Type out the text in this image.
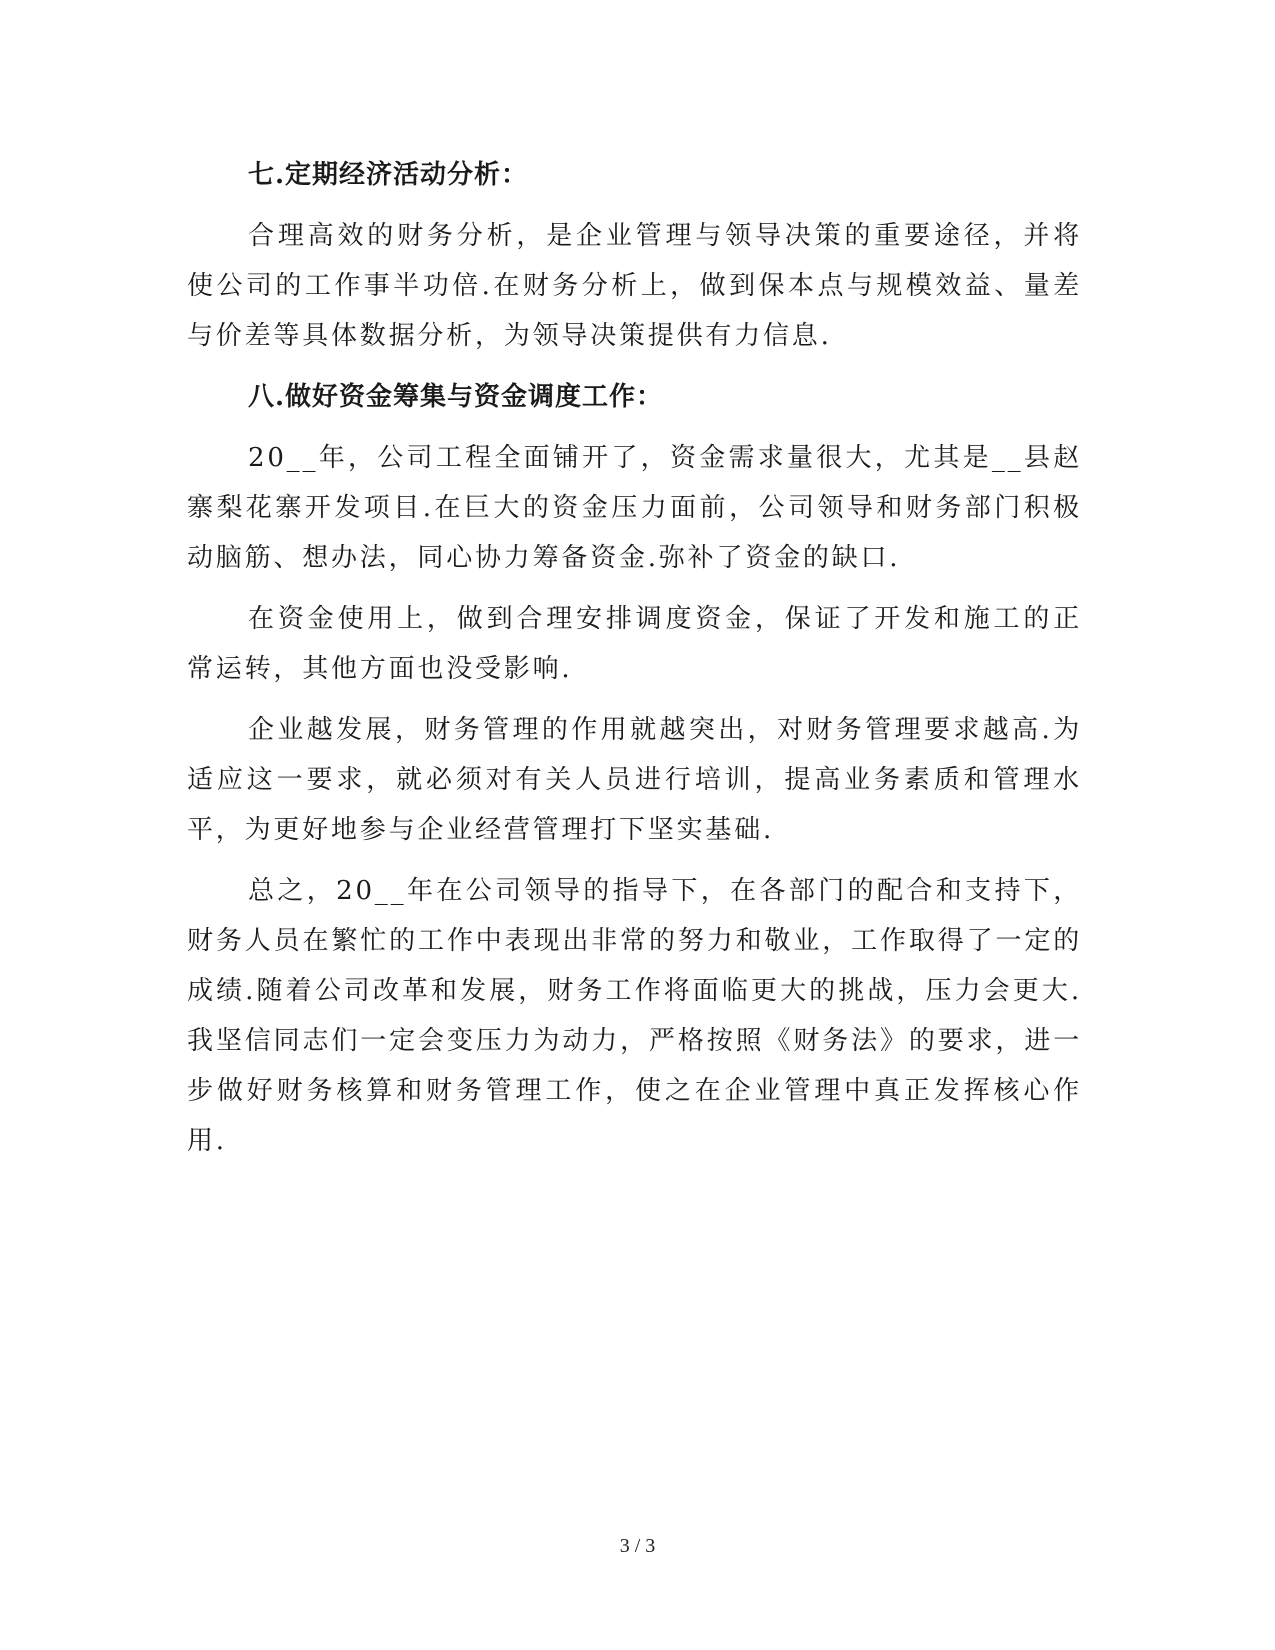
七.定期经济活动分析：

合理高效的财务分析，是企业管理与领导决策的重要途径，并将使公司的工作事半功倍.在财务分析上，做到保本点与规模效益、量差与价差等具体数据分析，为领导决策提供有力信息.

八.做好资金筹集与资金调度工作：

20__年，公司工程全面铺开了，资金需求量很大，尤其是__县赵寨梨花寨开发项目.在巨大的资金压力面前，公司领导和财务部门积极动脑筋、想办法，同心协力筹备资金.弥补了资金的缺口.

在资金使用上，做到合理安排调度资金，保证了开发和施工的正常运转，其他方面也没受影响.

企业越发展，财务管理的作用就越突出，对财务管理要求越高.为适应这一要求，就必须对有关人员进行培训，提高业务素质和管理水平，为更好地参与企业经营管理打下坚实基础.

总之，20__年在公司领导的指导下，在各部门的配合和支持下，财务人员在繁忙的工作中表现出非常的努力和敬业，工作取得了一定的成绩.随着公司改革和发展，财务工作将面临更大的挑战，压力会更大.我坚信同志们一定会变压力为动力，严格按照《财务法》的要求，进一步做好财务核算和财务管理工作，使之在企业管理中真正发挥核心作用.

3 / 3
